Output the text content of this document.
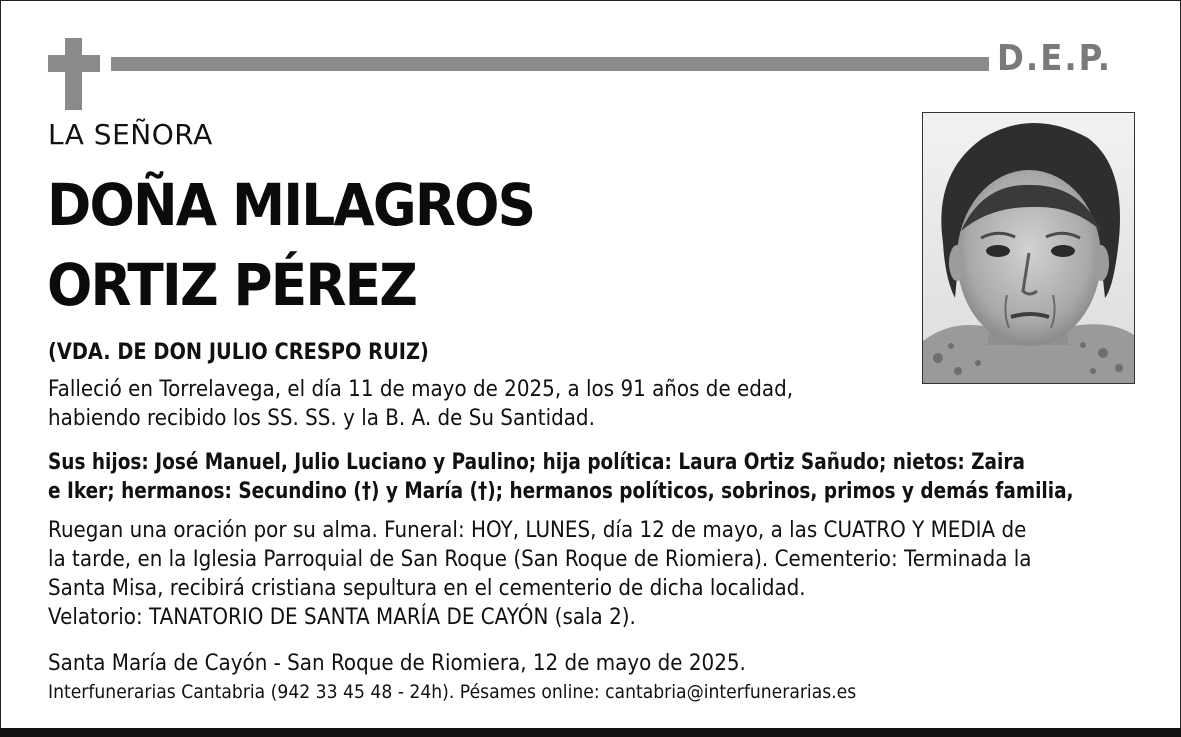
D.E.P.
LA SEÑORA
DOÑA MILAGROS
ORTIZ PÉREZ
(VDA. DE DON JULIO CRESPO RUIZ)
Falleció en Torrelavega, el día 11 de mayo de 2025, a los 91 años de edad,
habiendo recibido los SS. SS. y la B. A. de Su Santidad.
Sus hijos: José Manuel, Julio Luciano y Paulino; hija política: Laura Ortiz Sañudo; nietos: Zaira
e Iker; hermanos: Secundino (†) y María (†); hermanos políticos, sobrinos, primos y demás familia,
Ruegan una oración por su alma. Funeral: HOY, LUNES, día 12 de mayo, a las CUATRO Y MEDIA de
la tarde, en la Iglesia Parroquial de San Roque (San Roque de Riomiera). Cementerio: Terminada la
Santa Misa, recibirá cristiana sepultura en el cementerio de dicha localidad.
Velatorio: TANATORIO DE SANTA MARÍA DE CAYÓN (sala 2).
Santa María de Cayón - San Roque de Riomiera, 12 de mayo de 2025.
Interfunerarias Cantabria (942 33 45 48 - 24h). Pésames online: cantabria@interfunerarias.es
